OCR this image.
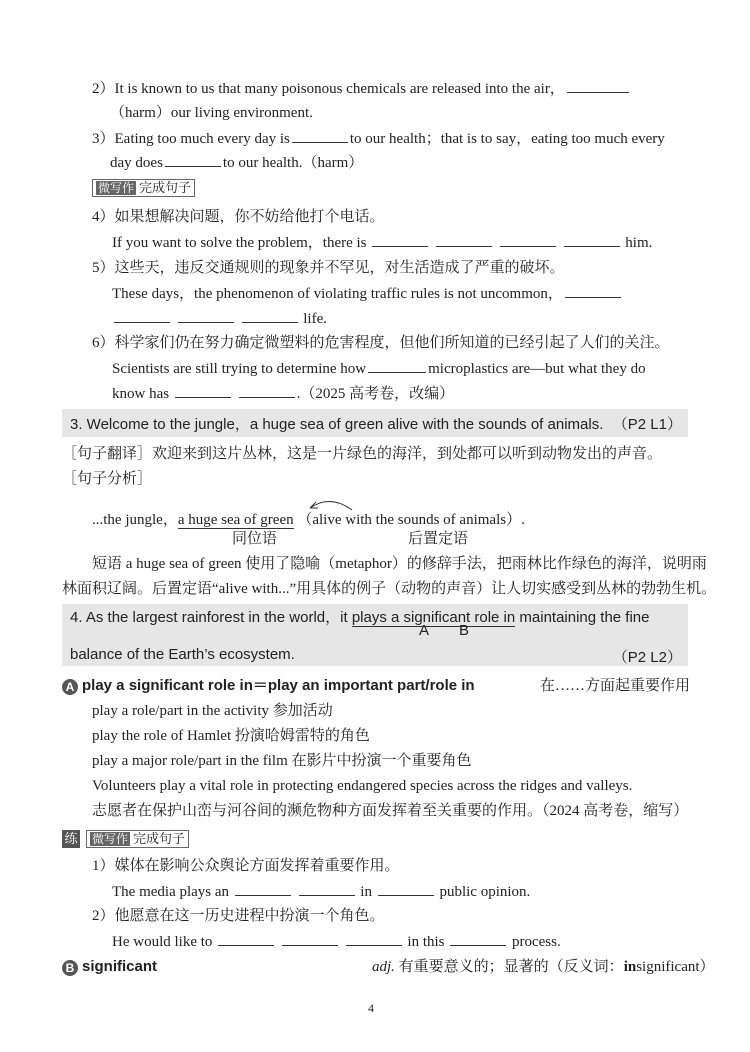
2）It is known to us that many poisonous chemicals are released into the air，
（harm）our living environment.
3）Eating too much every day is	to our health；that is to say，eating too much every
day does	to our health.（harm）
微写作 完成句子
4）如果想解决问题，你不妨给他打个电话。
If you want to solve the problem，there is	him.
5）这些天，违反交通规则的现象并不罕见，对生活造成了严重的破坏。
These days，the phenomenon of violating traffic rules is not uncommon，
life.
6）科学家们仍在努力确定微塑料的危害程度，但他们所知道的已经引起了人们的关注。
Scientists are still trying to determine how	microplastics are—but what they do
know has	.（2025 高考卷，改编）
3. Welcome to the jungle，a huge sea of green alive with the sounds of animals. （P2 L1）
［句子翻译］欢迎来到这片丛林，这是一片绿色的海洋，到处都可以听到动物发出的声音。
［句子分析］
...the jungle，a huge sea of green （alive with the sounds of animals）.
同位语	后置定语
短语 a huge sea of green 使用了隐喻（metaphor）的修辞手法，把雨林比作绿色的海洋，说明雨
林面积辽阔。后置定语“alive with...”用具体的例子（动物的声音）让人切实感受到丛林的勃勃生机。
4. As the largest rainforest in the world，it plays a significant role in maintaining the fine
A B
balance of the Earth’s ecosystem.	（P2 L2）
A play a significant role in＝play an important part/role in	在……方面起重要作用
play a role/part in the activity 参加活动
play the role of Hamlet 扮演哈姆雷特的角色
play a major role/part in the film 在影片中扮演一个重要角色
Volunteers play a vital role in protecting endangered species across the ridges and valleys.
志愿者在保护山峦与河谷间的濒危物种方面发挥着至关重要的作用。（2024 高考卷，缩写）
练 微写作 完成句子
1）媒体在影响公众舆论方面发挥着重要作用。
The media plays an	in	public opinion.
2）他愿意在这一历史进程中扮演一个角色。
He would like to	in this	process.
B significant	adj. 有重要意义的；显著的（反义词：insignificant）
4
